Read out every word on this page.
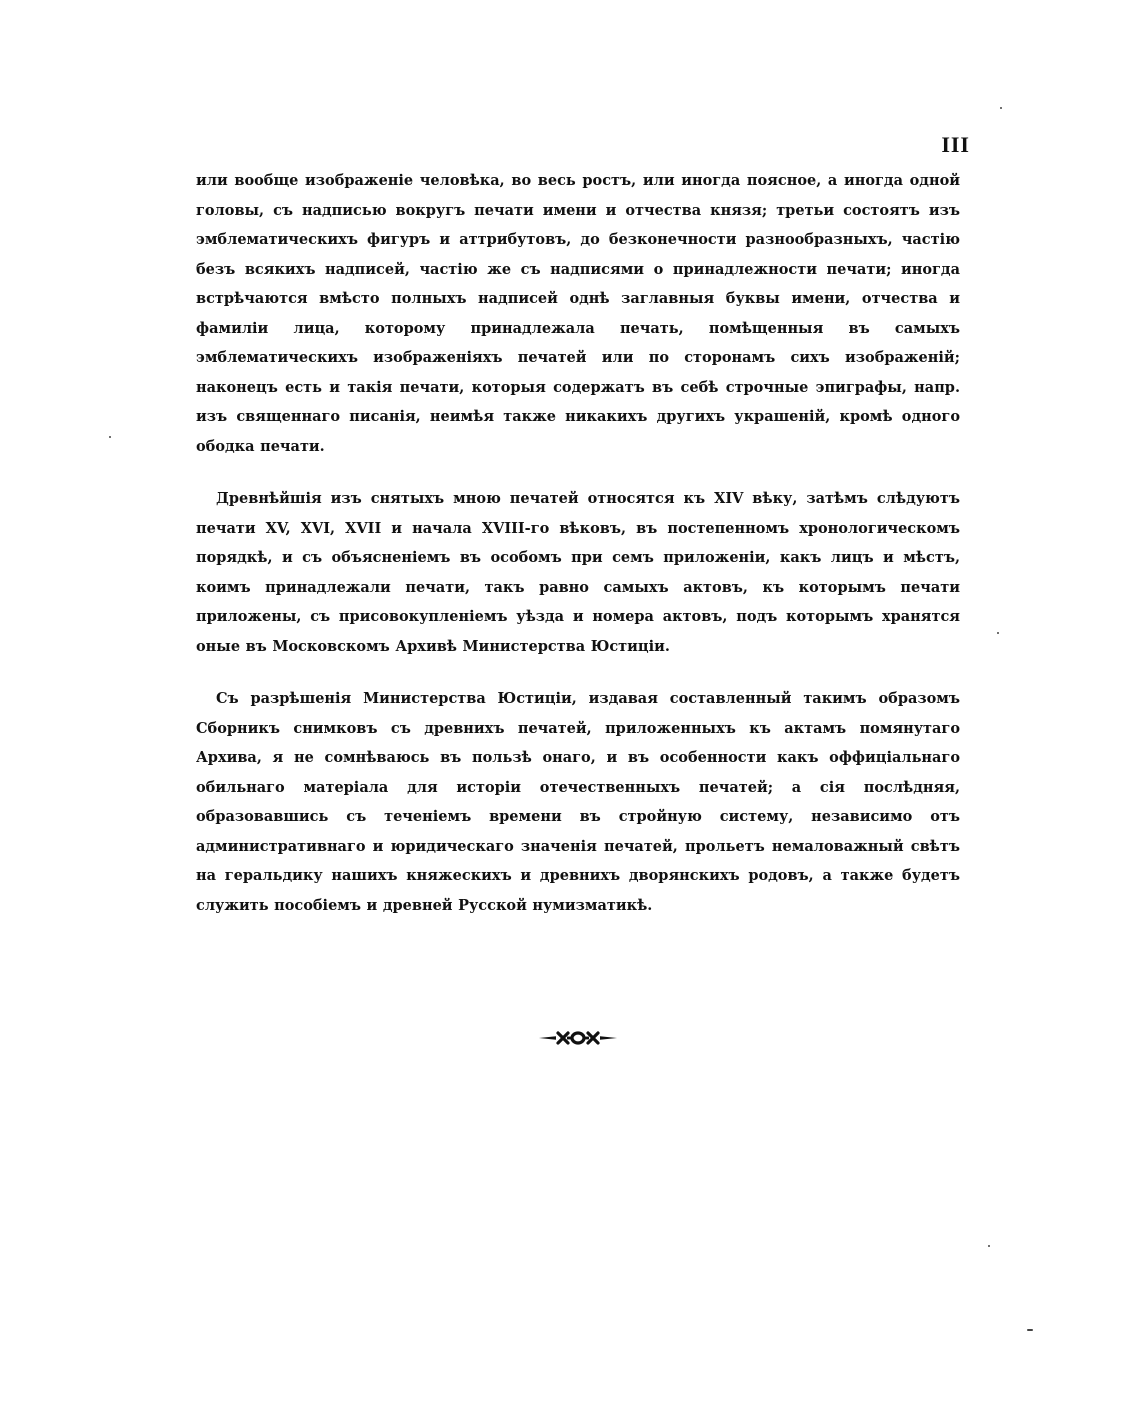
III

или вообще изображеніе человѣка, во весь ростъ, или иногда поясное, а иногда одной головы, съ надписью вокругъ печати имени и отчества князя; третьи состоятъ изъ эмблематическихъ фигуръ и аттрибутовъ, до безконечности разнообразныхъ, частію безъ всякихъ надписей, частію же съ надписями о принадлежности печати; иногда встрѣчаются вмѣсто полныхъ надписей однѣ заглавныя буквы имени, отчества и фамиліи лица, которому принадлежала печать, помѣщенныя въ самыхъ эмблематическихъ изображеніяхъ печатей или по сторонамъ сихъ изображеній; наконецъ есть и такія печати, которыя содержатъ въ себѣ строчные эпиграфы, напр. изъ священнаго писанія, неимѣя также никакихъ другихъ украшеній, кромѣ одного ободка печати.

Древнѣйшія изъ снятыхъ мною печатей относятся къ XIV вѣку, затѣмъ слѣдуютъ печати XV, XVI, XVII и начала XVIII-го вѣковъ, въ постепенномъ хронологическомъ порядкѣ, и съ объясненіемъ въ особомъ при семъ приложеніи, какъ лицъ и мѣстъ, коимъ принадлежали печати, такъ равно самыхъ актовъ, къ которымъ печати приложены, съ присовокупленіемъ уѣзда и номера актовъ, подъ которымъ хранятся оные въ Московскомъ Архивѣ Министерства Юстиціи.

Съ разрѣшенія Министерства Юстиціи, издавая составленный такимъ образомъ Сборникъ снимковъ съ древнихъ печатей, приложенныхъ къ актамъ помянутаго Архива, я не сомнѣваюсь въ пользѣ онаго, и въ особенности какъ оффиціальнаго обильнаго матеріала для исторіи отечественныхъ печатей; а сія послѣдняя, образовавшись съ теченіемъ времени въ стройную систему, независимо отъ административнаго и юридическаго значенія печатей, прольетъ немаловажный свѣтъ на геральдику нашихъ княжескихъ и древнихъ дворянскихъ родовъ, а также будетъ служить пособіемъ и древней Русской нумизматикѣ.
